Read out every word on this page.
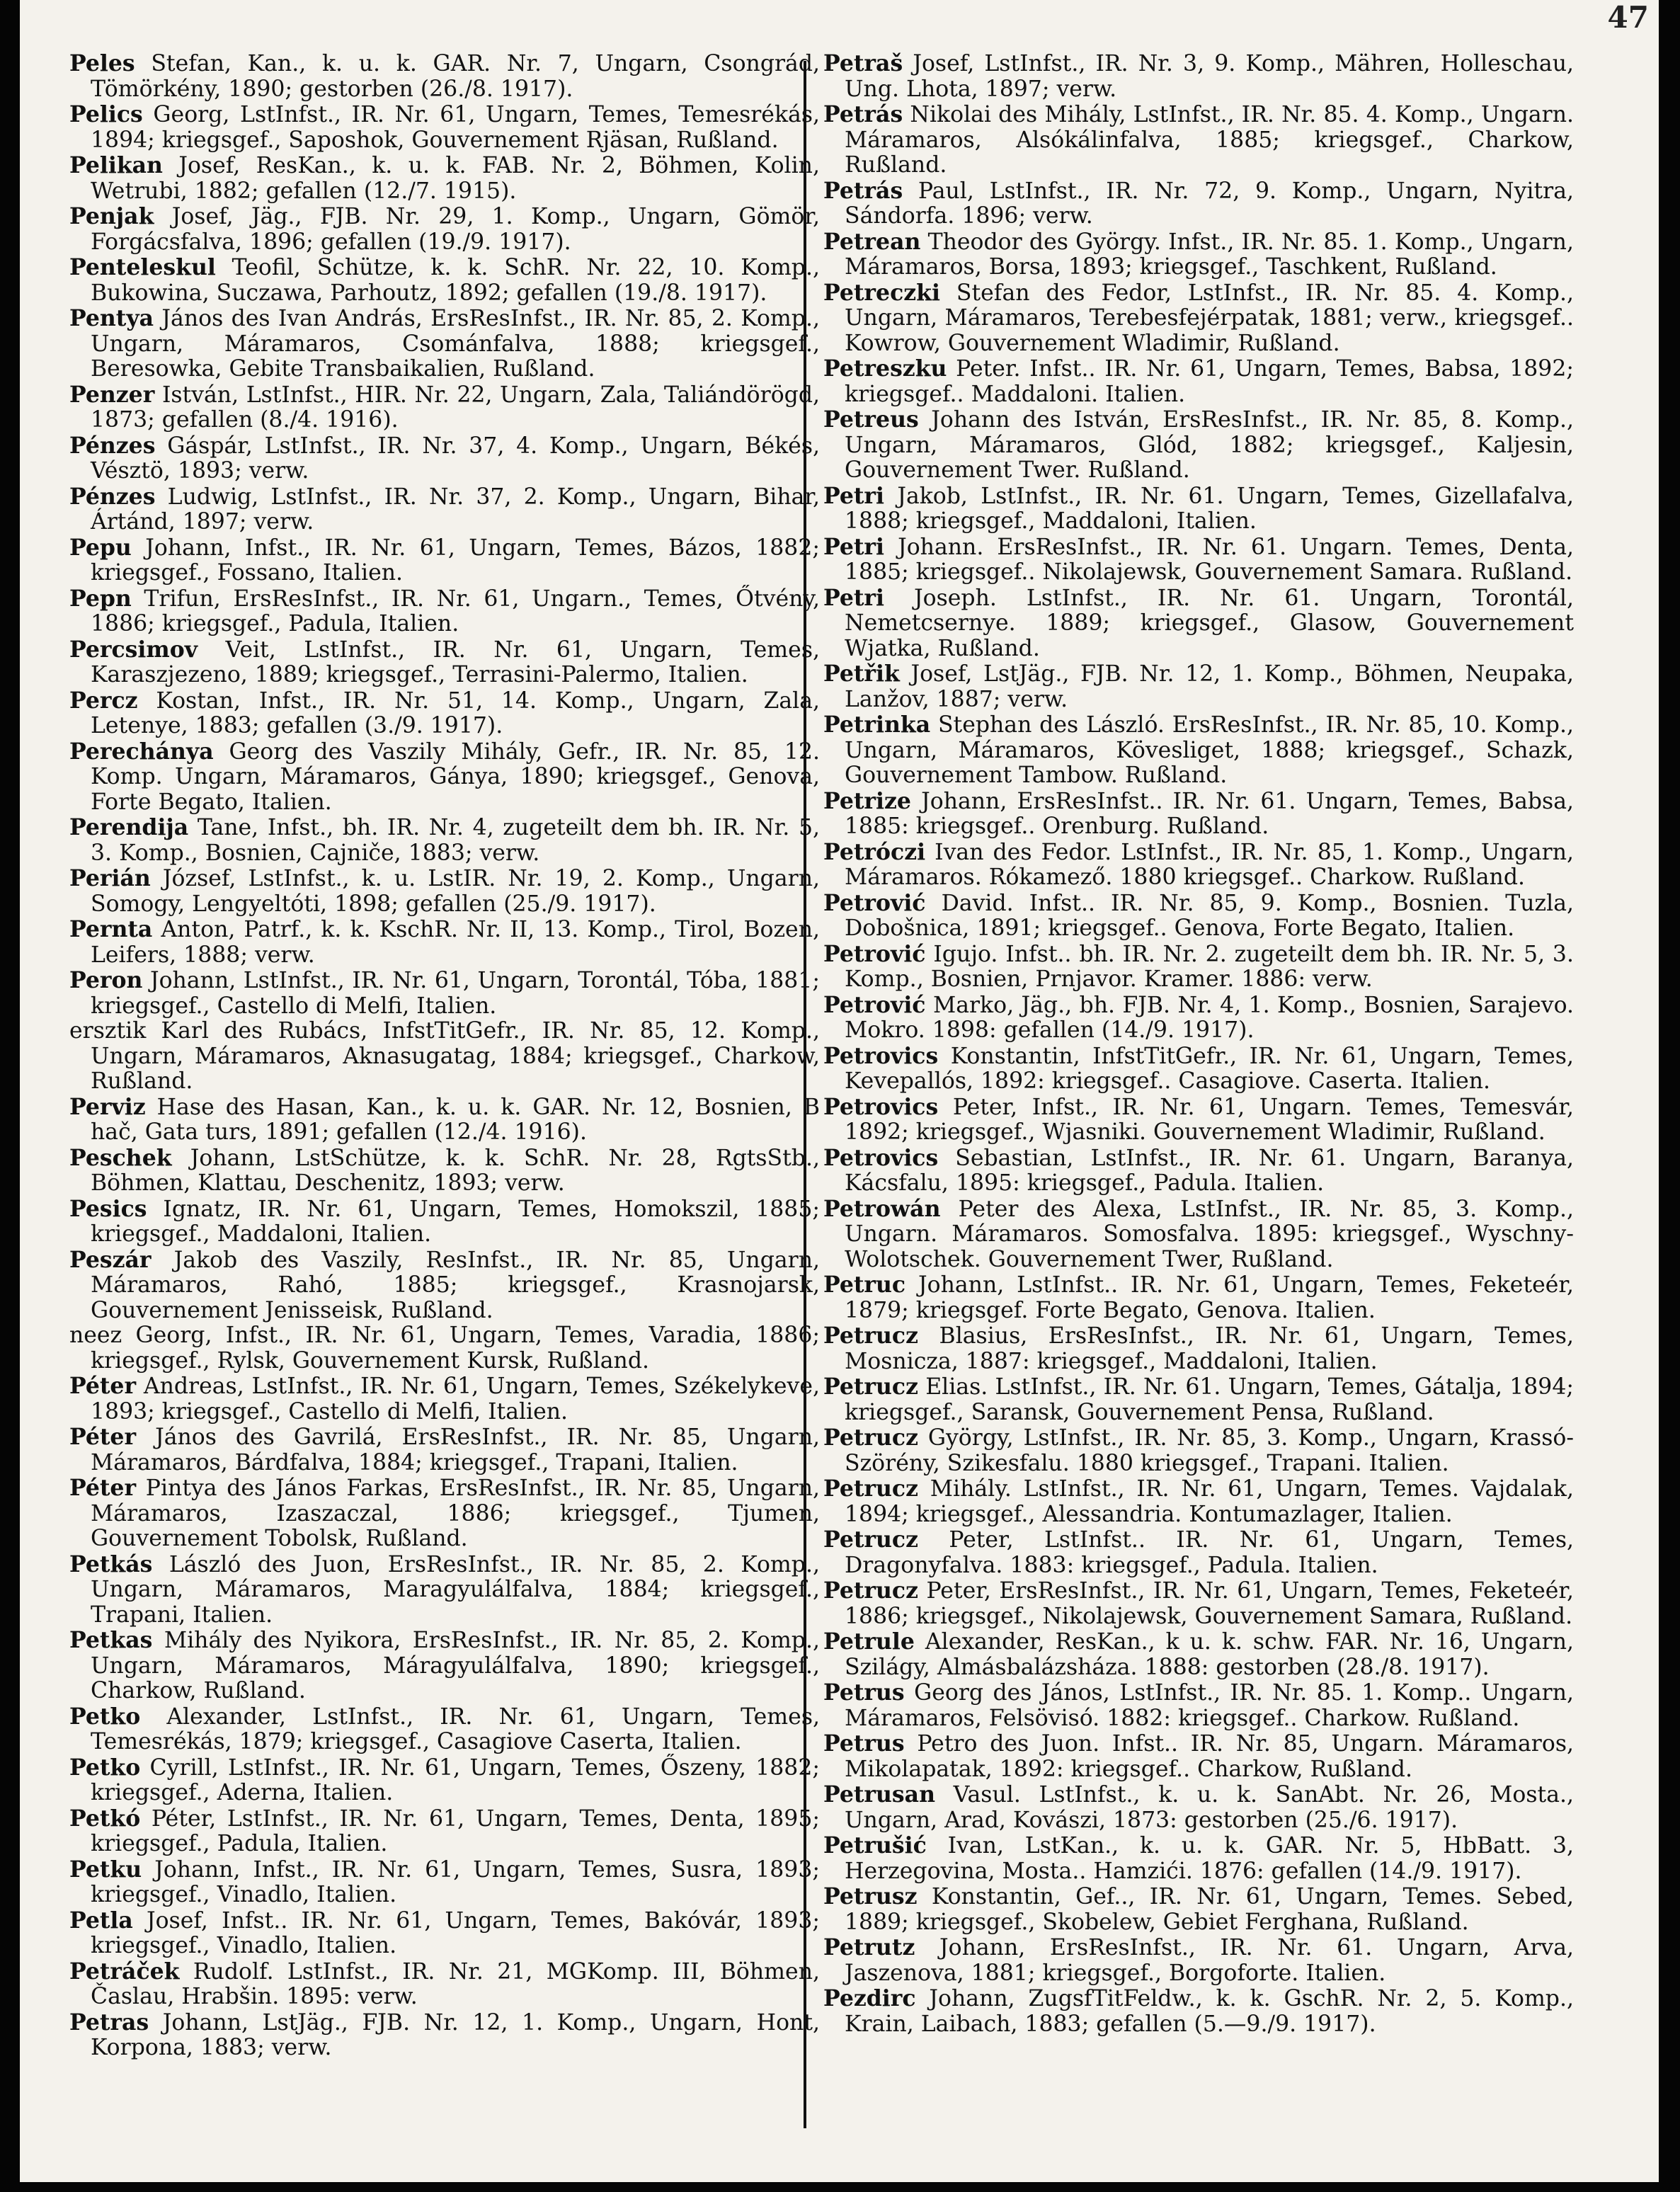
47
Peles Stefan, Kan., k. u. k. GAR. Nr. 7, Ungarn, Csongrád, Tömörkény, 1890; gestorben (26./8. 1917).
Pelics Georg, LstInfst., IR. Nr. 61, Ungarn, Temes, Temesrékás, 1894; kriegsgef., Saposhok, Gouvernement Rjäsan, Rußland.
Pelikan Josef, ResKan., k. u. k. FAB. Nr. 2, Böhmen, Kolin, Wetrubi, 1882; gefallen (12./7. 1915).
Penjak Josef, Jäg., FJB. Nr. 29, 1. Komp., Ungarn, Gömör, Forgácsfalva, 1896; gefallen (19./9. 1917).
Penteleskul Teofil, Schütze, k. k. SchR. Nr. 22, 10. Komp., Bukowina, Suczawa, Parhoutz, 1892; gefallen (19./8. 1917).
Pentya János des Ivan András, ErsResInfst., IR. Nr. 85, 2. Komp., Ungarn, Máramaros, Csománfalva, 1888; kriegsgef., Beresowka, Gebite Transbaikalien, Rußland.
Penzer István, LstInfst., HIR. Nr. 22, Ungarn, Zala, Taliándörögd, 1873; gefallen (8./4. 1916).
Pénzes Gáspár, LstInfst., IR. Nr. 37, 4. Komp., Ungarn, Békés, Vésztö, 1893; verw.
Pénzes Ludwig, LstInfst., IR. Nr. 37, 2. Komp., Ungarn, Bihar, Ártánd, 1897; verw.
Pepu Johann, Infst., IR. Nr. 61, Ungarn, Temes, Bázos, 1882; kriegsgef., Fossano, Italien.
Pepn Trifun, ErsResInfst., IR. Nr. 61, Ungarn., Temes, Őtvény, 1886; kriegsgef., Padula, Italien.
Percsimov Veit, LstInfst., IR. Nr. 61, Ungarn, Temes, Karaszjezeno, 1889; kriegsgef., Terrasini-Palermo, Italien.
Percz Kostan, Infst., IR. Nr. 51, 14. Komp., Ungarn, Zala, Letenye, 1883; gefallen (3./9. 1917).
Perechánya Georg des Vaszily Mihály, Gefr., IR. Nr. 85, 12. Komp. Ungarn, Máramaros, Gánya, 1890; kriegsgef., Genova, Forte Begato, Italien.
Perendija Tane, Infst., bh. IR. Nr. 4, zugeteilt dem bh. IR. Nr. 5, 3. Komp., Bosnien, Cajniče, 1883; verw.
Perián József, LstInfst., k. u. LstIR. Nr. 19, 2. Komp., Ungarn, Somogy, Lengyeltóti, 1898; gefallen (25./9. 1917).
Pernta Anton, Patrf., k. k. KschR. Nr. II, 13. Komp., Tirol, Bozen, Leifers, 1888; verw.
Peron Johann, LstInfst., IR. Nr. 61, Ungarn, Torontál, Tóba, 1881; kriegsgef., Castello di Melfi, Italien.
ersztik Karl des Rubács, InfstTitGefr., IR. Nr. 85, 12. Komp., Ungarn, Máramaros, Aknasugatag, 1884; kriegsgef., Charkow, Rußland.
Perviz Hase des Hasan, Kan., k. u. k. GAR. Nr. 12, Bosnien, B hač, Gata turs, 1891; gefallen (12./4. 1916).
Peschek Johann, LstSchütze, k. k. SchR. Nr. 28, RgtsStb., Böhmen, Klattau, Deschenitz, 1893; verw.
Pesics Ignatz, IR. Nr. 61, Ungarn, Temes, Homokszil, 1885; kriegsgef., Maddaloni, Italien.
Peszár Jakob des Vaszily, ResInfst., IR. Nr. 85, Ungarn, Máramaros, Rahó, 1885; kriegsgef., Krasnojarsk, Gouvernement Jenisseisk, Rußland.
neez Georg, Infst., IR. Nr. 61, Ungarn, Temes, Varadia, 1886; kriegsgef., Rylsk, Gouvernement Kursk, Rußland.
Péter Andreas, LstInfst., IR. Nr. 61, Ungarn, Temes, Székelykeve, 1893; kriegsgef., Castello di Melfi, Italien.
Péter János des Gavrilá, ErsResInfst., IR. Nr. 85, Ungarn, Máramaros, Bárdfalva, 1884; kriegsgef., Trapani, Italien.
Péter Pintya des János Farkas, ErsResInfst., IR. Nr. 85, Ungarn, Máramaros, Izaszaczal, 1886; kriegsgef., Tjumen, Gouvernement Tobolsk, Rußland.
Petkás László des Juon, ErsResInfst., IR. Nr. 85, 2. Komp., Ungarn, Máramaros, Maragyulálfalva, 1884; kriegsgef., Trapani, Italien.
Petkas Mihály des Nyikora, ErsResInfst., IR. Nr. 85, 2. Komp., Ungarn, Máramaros, Máragyulálfalva, 1890; kriegsgef., Charkow, Rußland.
Petko Alexander, LstInfst., IR. Nr. 61, Ungarn, Temes, Temesrékás, 1879; kriegsgef., Casagiove Caserta, Italien.
Petko Cyrill, LstInfst., IR. Nr. 61, Ungarn, Temes, Őszeny, 1882; kriegsgef., Aderna, Italien.
Petkó Péter, LstInfst., IR. Nr. 61, Ungarn, Temes, Denta, 1895; kriegsgef., Padula, Italien.
Petku Johann, Infst., IR. Nr. 61, Ungarn, Temes, Susra, 1893; kriegsgef., Vinadlo, Italien.
Petla Josef, Infst.. IR. Nr. 61, Ungarn, Temes, Bakóvár, 1893; kriegsgef., Vinadlo, Italien.
Petráček Rudolf. LstInfst., IR. Nr. 21, MGKomp. III, Böhmen, Časlau, Hrabšin. 1895: verw.
Petras Johann, LstJäg., FJB. Nr. 12, 1. Komp., Ungarn, Hont, Korpona, 1883; verw.
Petraš Josef, LstInfst., IR. Nr. 3, 9. Komp., Mähren, Holleschau, Ung. Lhota, 1897; verw.
Petrás Nikolai des Mihály, LstInfst., IR. Nr. 85. 4. Komp., Ungarn. Máramaros, Alsókálinfalva, 1885; kriegsgef., Charkow, Rußland.
Petrás Paul, LstInfst., IR. Nr. 72, 9. Komp., Ungarn, Nyitra, Sándorfa. 1896; verw.
Petrean Theodor des György. Infst., IR. Nr. 85. 1. Komp., Ungarn, Máramaros, Borsa, 1893; kriegsgef., Taschkent, Rußland.
Petreczki Stefan des Fedor, LstInfst., IR. Nr. 85. 4. Komp., Ungarn, Máramaros, Terebesfejérpatak, 1881; verw., kriegsgef.. Kowrow, Gouvernement Wladimir, Rußland.
Petreszku Peter. Infst.. IR. Nr. 61, Ungarn, Temes, Babsa, 1892; kriegsgef.. Maddaloni. Italien.
Petreus Johann des István, ErsResInfst., IR. Nr. 85, 8. Komp., Ungarn, Máramaros, Glód, 1882; kriegsgef., Kaljesin, Gouvernement Twer. Rußland.
Petri Jakob, LstInfst., IR. Nr. 61. Ungarn, Temes, Gizellafalva, 1888; kriegsgef., Maddaloni, Italien.
Petri Johann. ErsResInfst., IR. Nr. 61. Ungarn. Temes, Denta, 1885; kriegsgef.. Nikolajewsk, Gouvernement Samara. Rußland.
Petri Joseph. LstInfst., IR. Nr. 61. Ungarn, Torontál, Nemetcsernye. 1889; kriegsgef., Glasow, Gouvernement Wjatka, Rußland.
Petřik Josef, LstJäg., FJB. Nr. 12, 1. Komp., Böhmen, Neupaka, Lanžov, 1887; verw.
Petrinka Stephan des László. ErsResInfst., IR. Nr. 85, 10. Komp., Ungarn, Máramaros, Kövesliget, 1888; kriegsgef., Schazk, Gouvernement Tambow. Rußland.
Petrize Johann, ErsResInfst.. IR. Nr. 61. Ungarn, Temes, Babsa, 1885: kriegsgef.. Orenburg. Rußland.
Petróczi Ivan des Fedor. LstInfst., IR. Nr. 85, 1. Komp., Ungarn, Máramaros. Rókamező. 1880 kriegsgef.. Charkow. Rußland.
Petrović David. Infst.. IR. Nr. 85, 9. Komp., Bosnien. Tuzla, Dobošnica, 1891; kriegsgef.. Genova, Forte Begato, Italien.
Petrović Igujo. Infst.. bh. IR. Nr. 2. zugeteilt dem bh. IR. Nr. 5, 3. Komp., Bosnien, Prnjavor. Kramer. 1886: verw.
Petrović Marko, Jäg., bh. FJB. Nr. 4, 1. Komp., Bosnien, Sarajevo. Mokro. 1898: gefallen (14./9. 1917).
Petrovics Konstantin, InfstTitGefr., IR. Nr. 61, Ungarn, Temes, Kevepallós, 1892: kriegsgef.. Casagiove. Caserta. Italien.
Petrovics Peter, Infst., IR. Nr. 61, Ungarn. Temes, Temesvár, 1892; kriegsgef., Wjasniki. Gouvernement Wladimir, Rußland.
Petrovics Sebastian, LstInfst., IR. Nr. 61. Ungarn, Baranya, Kácsfalu, 1895: kriegsgef., Padula. Italien.
Petrowán Peter des Alexa, LstInfst., IR. Nr. 85, 3. Komp., Ungarn. Máramaros. Somosfalva. 1895: kriegsgef., Wyschny-Wolotschek. Gouvernement Twer, Rußland.
Petruc Johann, LstInfst.. IR. Nr. 61, Ungarn, Temes, Feketeér, 1879; kriegsgef. Forte Begato, Genova. Italien.
Petrucz Blasius, ErsResInfst., IR. Nr. 61, Ungarn, Temes, Mosnicza, 1887: kriegsgef., Maddaloni, Italien.
Petrucz Elias. LstInfst., IR. Nr. 61. Ungarn, Temes, Gátalja, 1894; kriegsgef., Saransk, Gouvernement Pensa, Rußland.
Petrucz György, LstInfst., IR. Nr. 85, 3. Komp., Ungarn, Krassó-Szörény, Szikesfalu. 1880 kriegsgef., Trapani. Italien.
Petrucz Mihály. LstInfst., IR. Nr. 61, Ungarn, Temes. Vajdalak, 1894; kriegsgef., Alessandria. Kontumazlager, Italien.
Petrucz Peter, LstInfst.. IR. Nr. 61, Ungarn, Temes, Dragonyfalva. 1883: kriegsgef., Padula. Italien.
Petrucz Peter, ErsResInfst., IR. Nr. 61, Ungarn, Temes, Feketeér, 1886; kriegsgef., Nikolajewsk, Gouvernement Samara, Rußland.
Petrule Alexander, ResKan., k u. k. schw. FAR. Nr. 16, Ungarn, Szilágy, Almásbalázsháza. 1888: gestorben (28./8. 1917).
Petrus Georg des János, LstInfst., IR. Nr. 85. 1. Komp.. Ungarn, Máramaros, Felsövisó. 1882: kriegsgef.. Charkow. Rußland.
Petrus Petro des Juon. Infst.. IR. Nr. 85, Ungarn. Máramaros, Mikolapatak, 1892: kriegsgef.. Charkow, Rußland.
Petrusan Vasul. LstInfst., k. u. k. SanAbt. Nr. 26, Mosta., Ungarn, Arad, Kovászi, 1873: gestorben (25./6. 1917).
Petrušić Ivan, LstKan., k. u. k. GAR. Nr. 5, HbBatt. 3, Herzegovina, Mosta.. Hamzići. 1876: gefallen (14./9. 1917).
Petrusz Konstantin, Gef.., IR. Nr. 61, Ungarn, Temes. Sebed, 1889; kriegsgef., Skobelew, Gebiet Ferghana, Rußland.
Petrutz Johann, ErsResInfst., IR. Nr. 61. Ungarn, Arva, Jaszenova, 1881; kriegsgef., Borgoforte. Italien.
Pezdirc Johann, ZugsfTitFeldw., k. k. GschR. Nr. 2, 5. Komp., Krain, Laibach, 1883; gefallen (5.—9./9. 1917).
